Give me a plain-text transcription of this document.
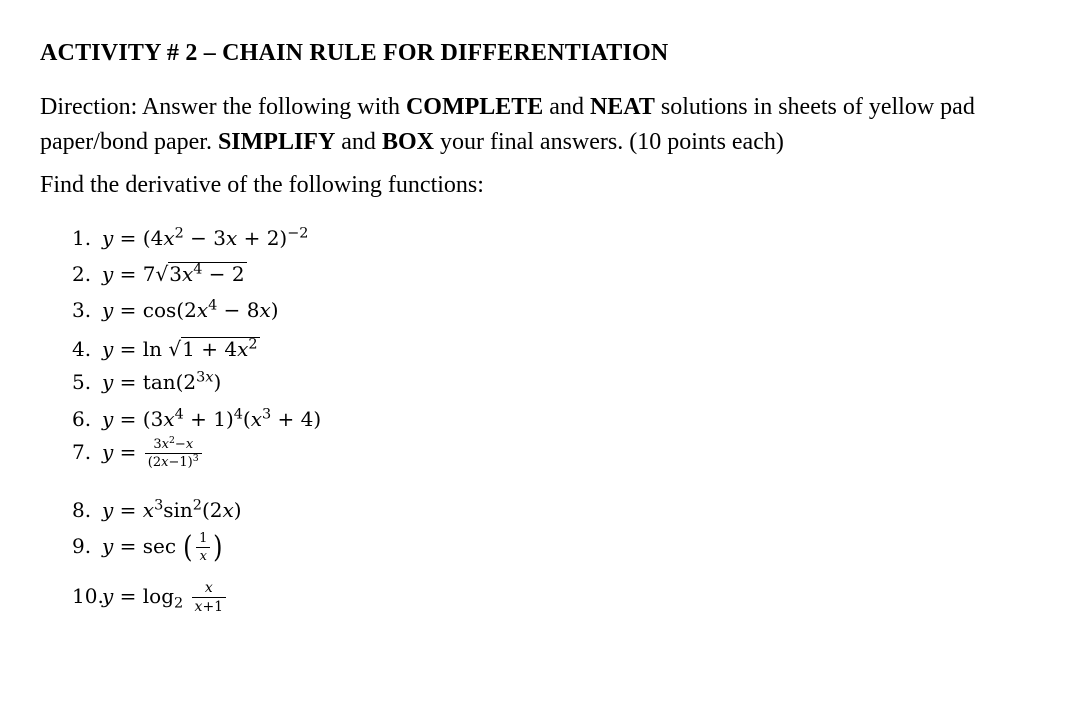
ACTIVITY # 2 – CHAIN RULE FOR DIFFERENTIATION
Direction: Answer the following with COMPLETE and NEAT solutions in sheets of yellow pad paper/bond paper. SIMPLIFY and BOX your final answers. (10 points each)
Find the derivative of the following functions:
1. $y = (4x^2 - 3x + 2)^{-2}$
2. $y = 7√3x^4 - 2$
3. $y = \cos(2x^4 - 8x)$
4. $y = \ln √1 + 4x^2$
5. $y = \tan(2^{3x})$
6. $y = (3x^4 + 1)^4(x^3 + 4)$
7. $y = \frac{3x^2-x}{(2x-1)^3}$
8. $y = x^3\sin^2(2x)$
9. y = sec ( $\frac{1}{x}$ )
$10.y = \log_2 \frac{x}{x+1}$
